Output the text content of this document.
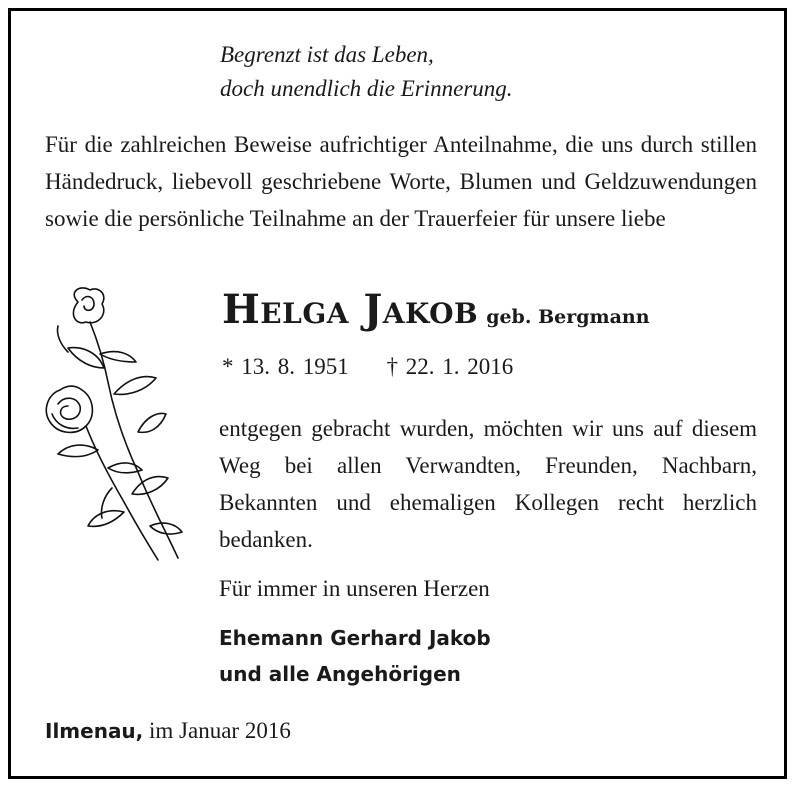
Begrenzt ist das Leben,
doch unendlich die Erinnerung.
Für die zahlreichen Beweise aufrichtiger Anteilnahme, die uns durch stillen Händedruck, liebevoll geschriebene Worte, Blumen und Geldzuwendungen sowie die persönliche Teilnahme an der Trauerfeier für unsere liebe
Helga Jakob geb. Bergmann
* 13. 8. 1951 † 22. 1. 2016
entgegen gebracht wurden, möchten wir uns auf diesem Weg bei allen Verwandten, Freunden, Nachbarn, Bekannten und ehemaligen Kollegen recht herzlich bedanken.
Für immer in unseren Herzen
Ehemann Gerhard Jakob
und alle Angehörigen
Ilmenau, im Januar 2016
